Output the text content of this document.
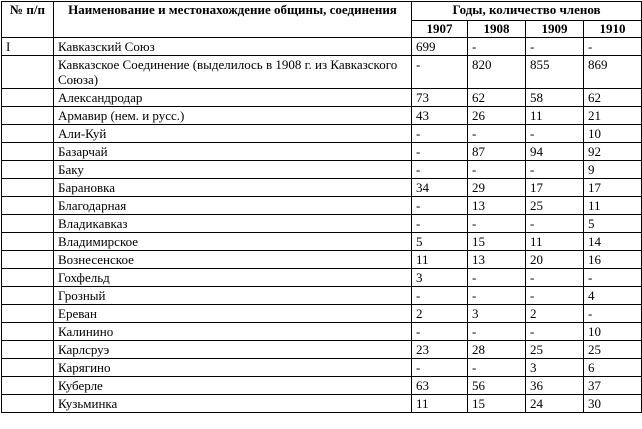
№ п/п	Наименование и местонахождение общины, соединения	Годы, количество членов			
		1907	1908	1909	1910
I	Кавказский Союз	699	-	-	-
	Кавказское Соединение (выделилось в 1908 г. из Кавказского Союза)	-	820	855	869
	Александродар	73	62	58	62
	Армавир (нем. и русс.)	43	26	11	21
	Али-Куй	-	-	-	10
	Базарчай	-	87	94	92
	Баку	-	-	-	9
	Барановка	34	29	17	17
	Благодарная	-	13	25	11
	Владикавказ	-	-	-	5
	Владимирское	5	15	11	14
	Вознесенское	11	13	20	16
	Гохфельд	3	-	-	-
	Грозный	-	-	-	4
	Ереван	2	3	2	-
	Калинино	-	-	-	10
	Карлсруэ	23	28	25	25
	Карягино	-	-	3	6
	Куберле	63	56	36	37
	Кузьминка	11	15	24	30
